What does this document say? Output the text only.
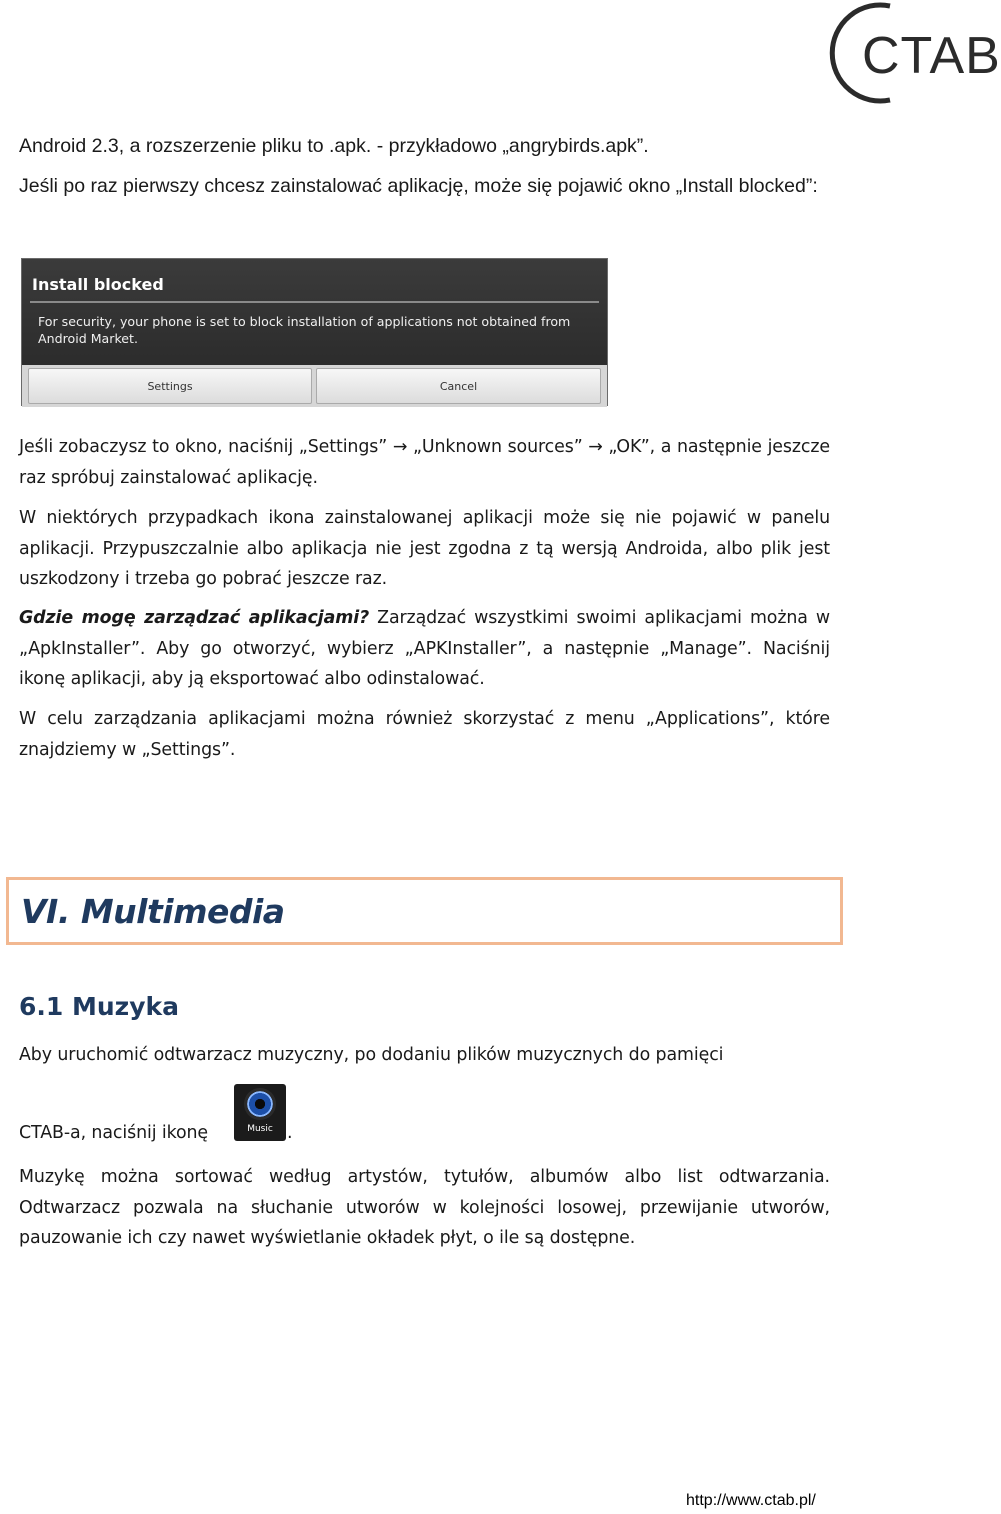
CTAB
Android 2.3, a rozszerzenie pliku to .apk. - przykładowo „angrybirds.apk”.
Jeśli po raz pierwszy chcesz zainstalować aplikację, może się pojawić okno „Install blocked”:
Install blocked
For security, your phone is set to block installation of applications not obtained from Android Market.
Settings	Cancel
Jeśli zobaczysz to okno, naciśnij „Settings” → „Unknown sources” → „OK”, a następnie jeszcze raz spróbuj zainstalować aplikację.
W niektórych przypadkach ikona zainstalowanej aplikacji może się nie pojawić w panelu aplikacji. Przypuszczalnie albo aplikacja nie jest zgodna z tą wersją Androida, albo plik jest uszkodzony i trzeba go pobrać jeszcze raz.
Gdzie mogę zarządzać aplikacjami? Zarządzać wszystkimi swoimi aplikacjami można w „ApkInstaller”. Aby go otworzyć, wybierz „APKInstaller”, a następnie „Manage”. Naciśnij ikonę aplikacji, aby ją eksportować albo odinstalować.
W celu zarządzania aplikacjami można również skorzystać z menu „Applications”, które znajdziemy w „Settings”.
VI. Multimedia
6.1 Muzyka
Aby uruchomić odtwarzacz muzyczny, po dodaniu plików muzycznych do pamięci
CTAB-a, naciśnij ikonę	Music .
Muzykę można sortować według artystów, tytułów, albumów albo list odtwarzania. Odtwarzacz pozwala na słuchanie utworów w kolejności losowej, przewijanie utworów, pauzowanie ich czy nawet wyświetlanie okładek płyt, o ile są dostępne.
http://www.ctab.pl/
